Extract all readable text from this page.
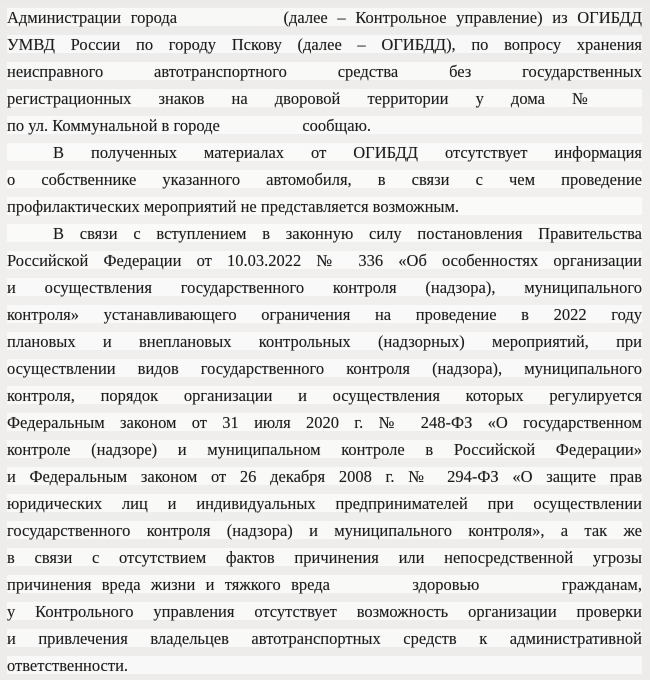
Администрации города           (далее – Контрольное управление) из ОГИБДД
УМВД России по городу Пскову (далее – ОГИБДД), по вопросу хранения
неисправного автотранспортного средства без государственных
регистрационных знаков на дворовой территории у дома №
по ул. Коммунальной в городе                    сообщаю.
В полученных материалах от ОГИБДД отсутствует информация
о собственнике указанного автомобиля, в связи с чем проведение
профилактических мероприятий не представляется возможным.
В связи с вступлением в законную силу постановления Правительства
Российской Федерации от 10.03.2022 № 336 «Об особенностях организации
и осуществления государственного контроля (надзора), муниципального
контроля» устанавливающего ограничения на проведение в 2022 году
плановых и внеплановых контрольных (надзорных) мероприятий, при
осуществлении видов государственного контроля (надзора), муниципального
контроля, порядок организации и осуществления которых регулируется
Федеральным законом от 31 июля 2020 г. № 248-ФЗ «О государственном
контроле (надзоре) и муниципальном контроле в Российской Федерации»
и Федеральным законом от 26 декабря 2008 г. № 294-ФЗ «О защите прав
юридических лиц и индивидуальных предпринимателей при осуществлении
государственного контроля (надзора) и муниципального контроля», а так же
в связи с отсутствием фактов причинения или непосредственной угрозы
причинения вреда жизни и тяжкого вреда        здоровью        гражданам,
у Контрольного управления отсутствует возможность организации проверки
и привлечения владельцев автотранспортных средств к административной
ответственности.
